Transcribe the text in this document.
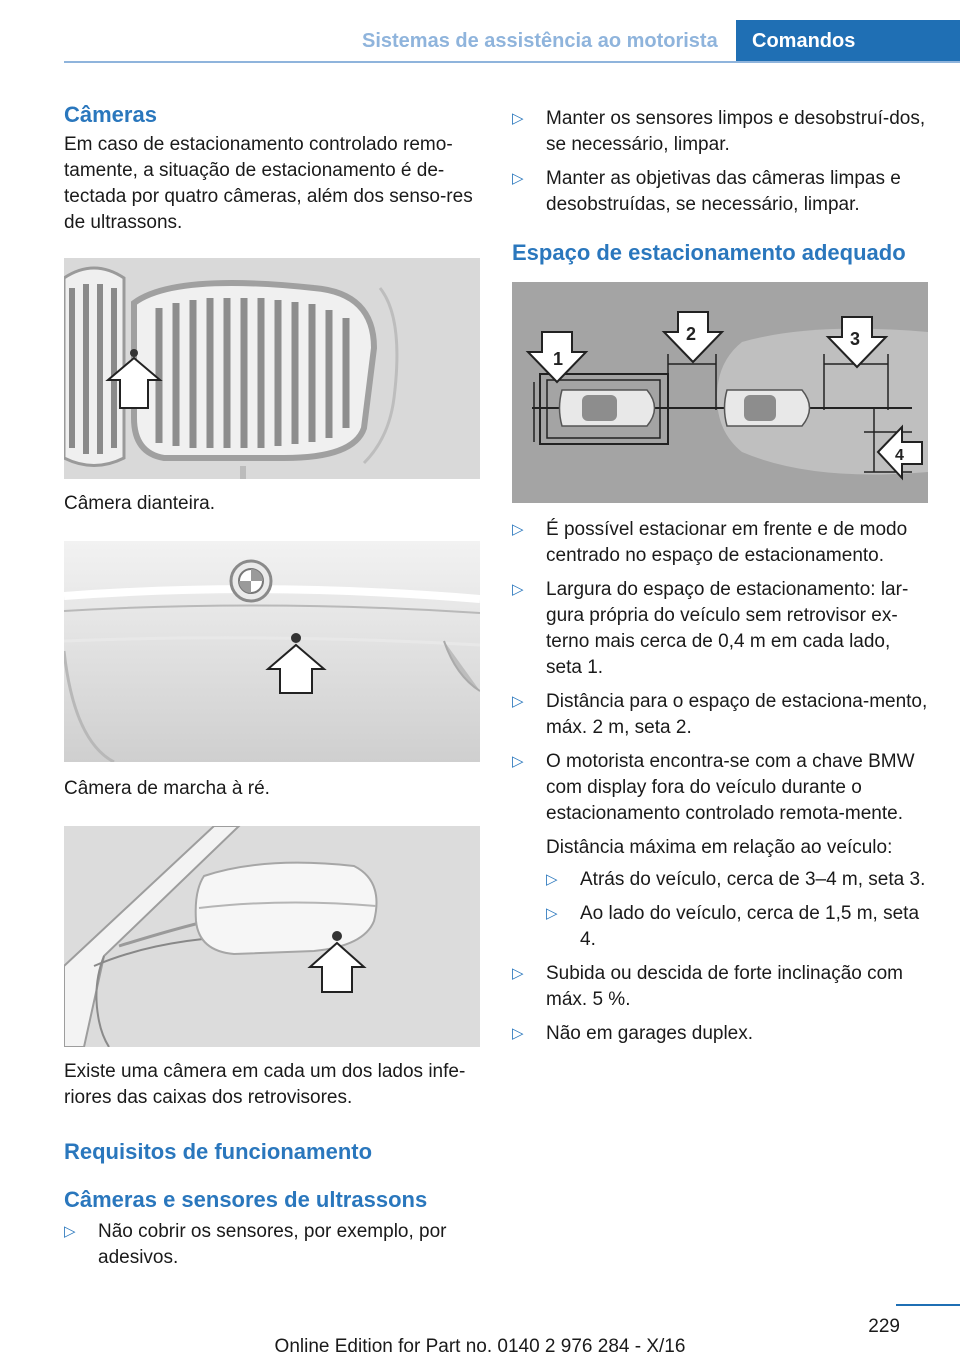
Sistemas de assistência ao motorista	Comandos
Câmeras

Em caso de estacionamento controlado remo-tamente, a situação de estacionamento é de-tectada por quatro câmeras, além dos senso-res de ultrassons.

Câmera dianteira.

Câmera de marcha à ré.

Existe uma câmera em cada um dos lados infe-riores das caixas dos retrovisores.

Requisitos de funcionamento
Câmeras e sensores de ultrassons
▷ Não cobrir os sensores, por exemplo, por adesivos.
▷ Manter os sensores limpos e desobstruí-dos, se necessário, limpar.
▷ Manter as objetivas das câmeras limpas e desobstruídas, se necessário, limpar.
Espaço de estacionamento adequado
1
2	3
4
▷ É possível estacionar em frente e de modo centrado no espaço de estacionamento.
▷ Largura do espaço de estacionamento: lar-gura própria do veículo sem retrovisor ex-terno mais cerca de 0,4 m em cada lado, seta 1.
▷ Distância para o espaço de estaciona-mento, máx. 2 m, seta 2.
▷ O motorista encontra-se com a chave BMW com display fora do veículo durante o estacionamento controlado remota-mente.
Distância máxima em relação ao veículo:
▷ Atrás do veículo, cerca de 3–4 m, seta 3.
▷ Ao lado do veículo, cerca de 1,5 m, seta 4.
▷ Subida ou descida de forte inclinação com máx. 5 %.
▷ Não em garages duplex.
229
Online Edition for Part no. 0140 2 976 284 - X/16
